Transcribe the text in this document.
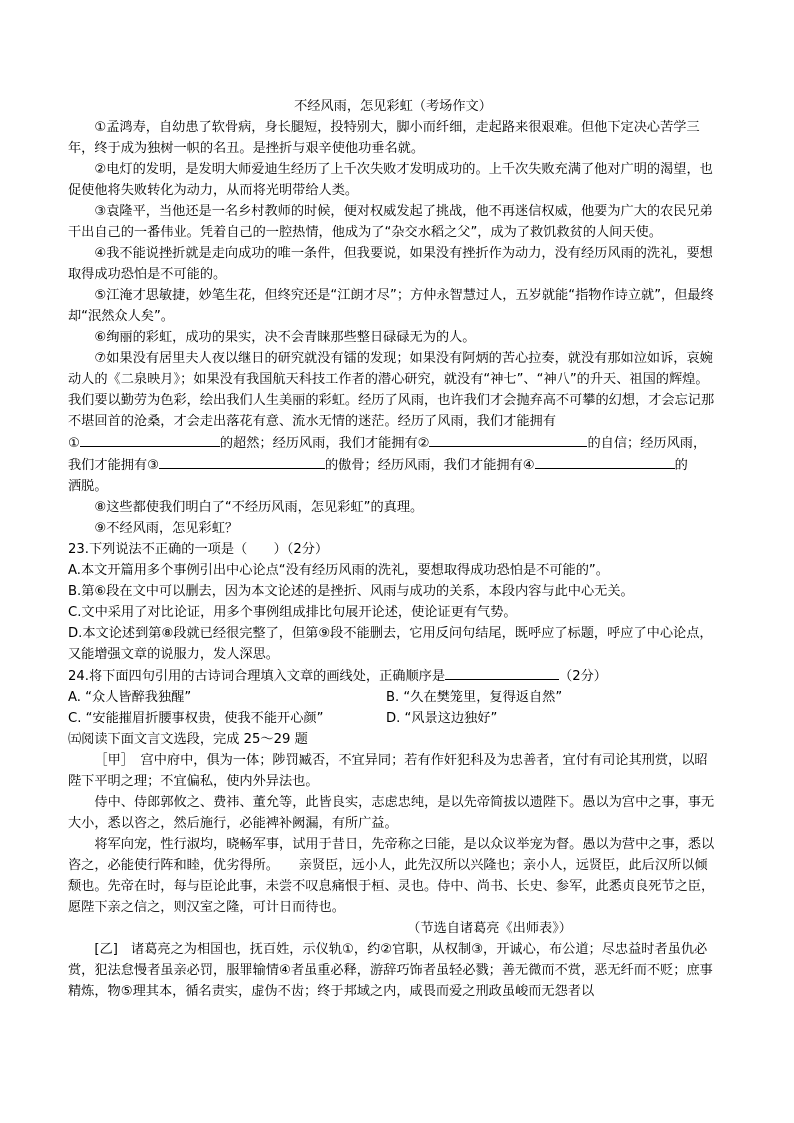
不经风雨，怎见彩虹（考场作文）

①孟鸿寿，自幼患了软骨病，身长腿短，投特别大，脚小而纤细，走起路来很艰难。但他下定决心苦学三年，终于成为独树一帜的名丑。是挫折与艰辛使他功垂名就。

②电灯的发明，是发明大师爱迪生经历了上千次失败才发明成功的。上千次失败充满了他对广明的渴望，也促使他将失败转化为动力，从而将光明带给人类。

③袁隆平，当他还是一名乡村教师的时候，便对权威发起了挑战，他不再迷信权威，他要为广大的农民兄弟干出自己的一番伟业。凭着自己的一腔热情，他成为了“杂交水稻之父”，成为了救饥救贫的人间天使。

④我不能说挫折就是走向成功的唯一条件，但我要说，如果没有挫折作为动力，没有经历风雨的洗礼，要想取得成功恐怕是不可能的。

⑤江淹才思敏捷，妙笔生花，但终究还是“江朗才尽”；方仲永智慧过人，五岁就能“指物作诗立就”，但最终却“泯然众人矣”。

⑥绚丽的彩虹，成功的果实，决不会青睐那些整日碌碌无为的人。

⑦如果没有居里夫人夜以继日的研究就没有镭的发现；如果没有阿炳的苦心拉奏，就没有那如泣如诉，哀婉动人的《二泉映月》；如果没有我国航天科技工作者的潜心研究，就没有“神七”、“神八”的升天、祖国的辉煌。我们要以勤劳为色彩，绘出我们人生美丽的彩虹。经历了风雨，也许我们才会抛弃高不可攀的幻想，才会忘记那不堪回首的沧桑，才会走出落花有意、流水无情的迷茫。经历了风雨，我们才能拥有

①	的超然；经历风雨，我们才能拥有②	的自信；经历风雨，

我们才能拥有③	的傲骨；经历风雨，我们才能拥有④	的

洒脱。

⑧这些都使我们明白了“不经历风雨，怎见彩虹”的真理。

⑨不经风雨，怎见彩虹？

23.下列说法不正确的一项是（　　）（2分）

A.本文开篇用多个事例引出中心论点“没有经历风雨的洗礼，要想取得成功恐怕是不可能的”。

B.第⑥段在文中可以删去，因为本文论述的是挫折、风雨与成功的关系，本段内容与此中心无关。

C.文中采用了对比论证，用多个事例组成排比句展开论述，使论证更有气势。

D.本文论述到第⑧段就已经很完整了，但第⑨段不能删去，它用反问句结尾，既呼应了标题，呼应了中心论点，又能增强文章的说服力，发人深思。

24.将下面四句引用的古诗词合理填入文章的画线处，正确顺序是	（2分）

A. “众人皆醉我独醒”	B. “久在樊笼里，复得返自然”
C. “安能摧眉折腰事权贵，使我不能开心颜”	D. “风景这边独好”

㈤阅读下面文言文选段，完成 25～29 题

［甲］　宫中府中，俱为一体；陟罚臧否，不宜异同；若有作奸犯科及为忠善者，宜付有司论其刑赏，以昭陛下平明之理；不宜偏私，使内外异法也。

侍中、侍郎郭攸之、费祎、董允等，此皆良实，志虑忠纯，是以先帝简拔以遗陛下。愚以为宫中之事，事无大小，悉以咨之，然后施行，必能裨补阙漏，有所广益。

将军向宠，性行淑均，晓畅军事，试用于昔日，先帝称之曰能，是以众议举宠为督。愚以为营中之事，悉以咨之，必能使行阵和睦，优劣得所。　　亲贤臣，远小人，此先汉所以兴隆也；亲小人，远贤臣，此后汉所以倾颓也。先帝在时，每与臣论此事，未尝不叹息痛恨于桓、灵也。侍中、尚书、长史、参军，此悉贞良死节之臣，愿陛下亲之信之，则汉室之隆，可计日而待也。

（节选自诸葛亮《出师表》）

[乙]　诸葛亮之为相国也，抚百姓，示仪轨①，约②官职，从权制③，开诚心，布公道；尽忠益时者虽仇必赏，犯法怠慢者虽亲必罚，服罪输情④者虽重必释，游辞巧饰者虽轻必戮；善无微而不赏，恶无纤而不贬；庶事精炼，物⑤理其本，循名责实，虚伪不齿；终于邦域之内，咸畏而爱之刑政虽峻而无怨者以
